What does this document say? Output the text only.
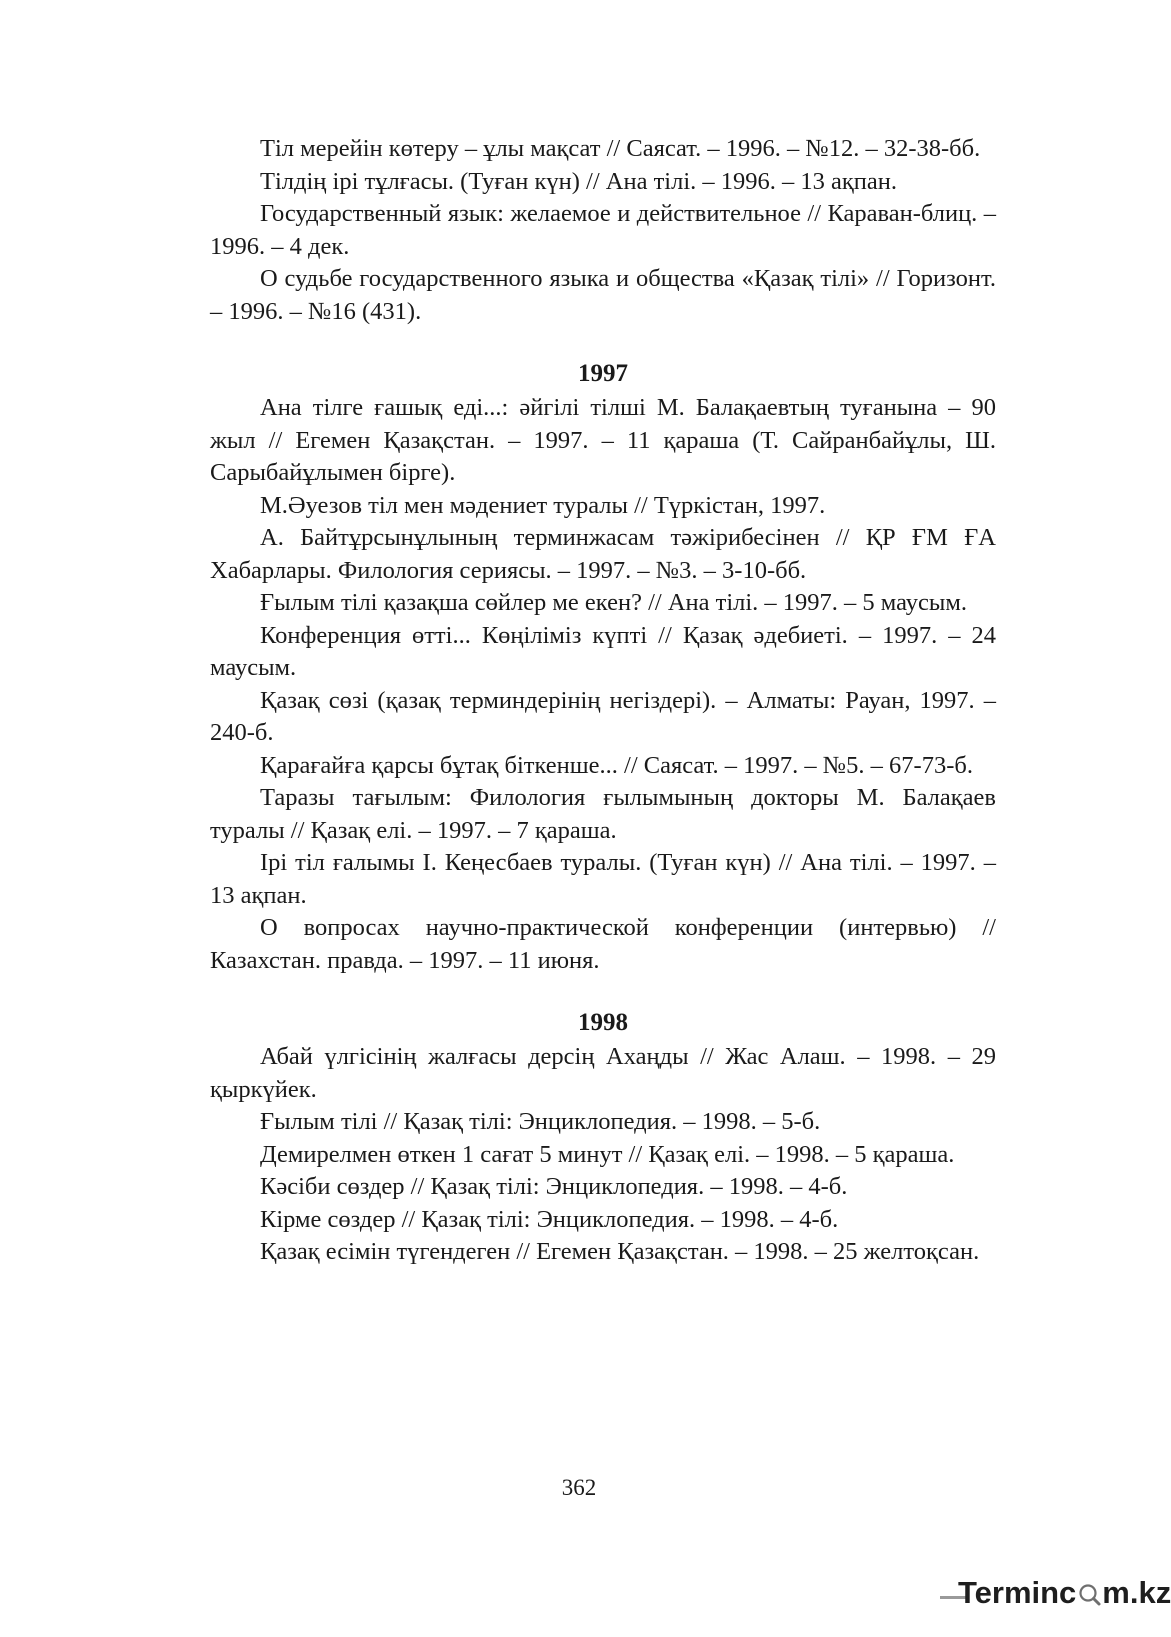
Тіл мерейін көтеру – ұлы мақсат // Саясат. – 1996. – №12. – 32-38-бб.

Тілдің ірі тұлғасы. (Туған күн) // Ана тілі. – 1996. – 13 ақпан.

Государственный язык: желаемое и действительное // Караван-блиц. – 1996. – 4 дек.

О судьбе государственного языка и общества «Қазақ тілі» // Горизонт. – 1996. – №16 (431).

1997

Ана тілге ғашық еді...: әйгілі тілші М. Балақаевтың туғанына – 90 жыл // Егемен Қазақстан. – 1997. – 11 қараша (Т. Сайранбайұлы, Ш. Сарыбайұлымен бірге).

М.Әуезов тіл мен мәдениет туралы // Түркістан, 1997.

А. Байтұрсынұлының терминжасам тәжірибесінен // ҚР ҒМ ҒА Хабарлары. Филология сериясы. – 1997. – №3. – 3-10-бб.

Ғылым тілі қазақша сөйлер ме екен? // Ана тілі. – 1997. – 5 маусым.

Конференция өтті... Көңіліміз күпті // Қазақ әдебиеті. – 1997. – 24 маусым.

Қазақ сөзі (қазақ терминдерінің негіздері). – Алматы: Рауан, 1997. – 240-б.

Қарағайға қарсы бұтақ біткенше... // Саясат. – 1997. – №5. – 67-73-б.

Таразы тағылым: Филология ғылымының докторы М. Балақаев туралы // Қазақ елі. – 1997. – 7 қараша.

Ірі тіл ғалымы І. Кеңесбаев туралы. (Туған күн) // Ана тілі. – 1997. – 13 ақпан.

О вопросах научно-практической конференции (интервью) // Казахстан. правда. – 1997. – 11 июня.

1998

Абай үлгісінің жалғасы дерсің Ахаңды // Жас Алаш. – 1998. – 29 қыркүйек.

Ғылым тілі // Қазақ тілі: Энциклопедия. – 1998. – 5-б.

Демирелмен өткен 1 сағат 5 минут // Қазақ елі. – 1998. – 5 қараша.

Кәсіби сөздер // Қазақ тілі: Энциклопедия. – 1998. – 4-б.

Кірме сөздер // Қазақ тілі: Энциклопедия. – 1998. – 4-б.

Қазақ есімін түгендеген // Егемен Қазақстан. – 1998. – 25 желтоқсан.

362
Terminc m.kz
